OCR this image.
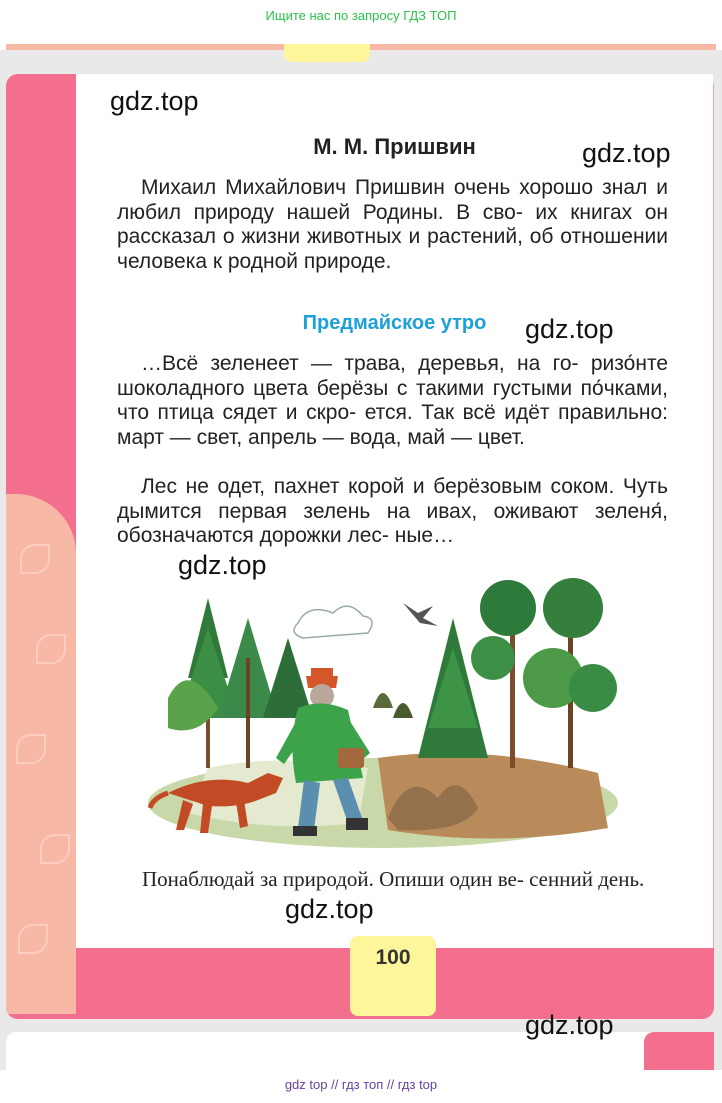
Ищите нас по запросу ГДЗ ТОП
М. М. Пришвин

Михаил Михайлович Пришвин очень хорошо знал и любил природу нашей Родины. В сво- их книгах он рассказал о жизни животных и растений, об отношении человека к родной природе.

Предмайское утро

…Всё зеленеет — трава, деревья, на го- ризо́нте шоколадного цвета берёзы с такими густыми по́чками, что птица сядет и скро- ется. Так всё идёт правильно: март — свет, апрель — вода, май — цвет.

Лес не одет, пахнет корой и берёзовым соком. Чуть дымится первая зелень на ивах, оживают зеленя́, обозначаются дорожки лес- ные…

Понаблюдай за природой. Опиши один ве- сенний день.
100
gdz.top
gdz.top
gdz.top
gdz.top
gdz.top
gdz.top
gdz top // гдз топ // гдз top
